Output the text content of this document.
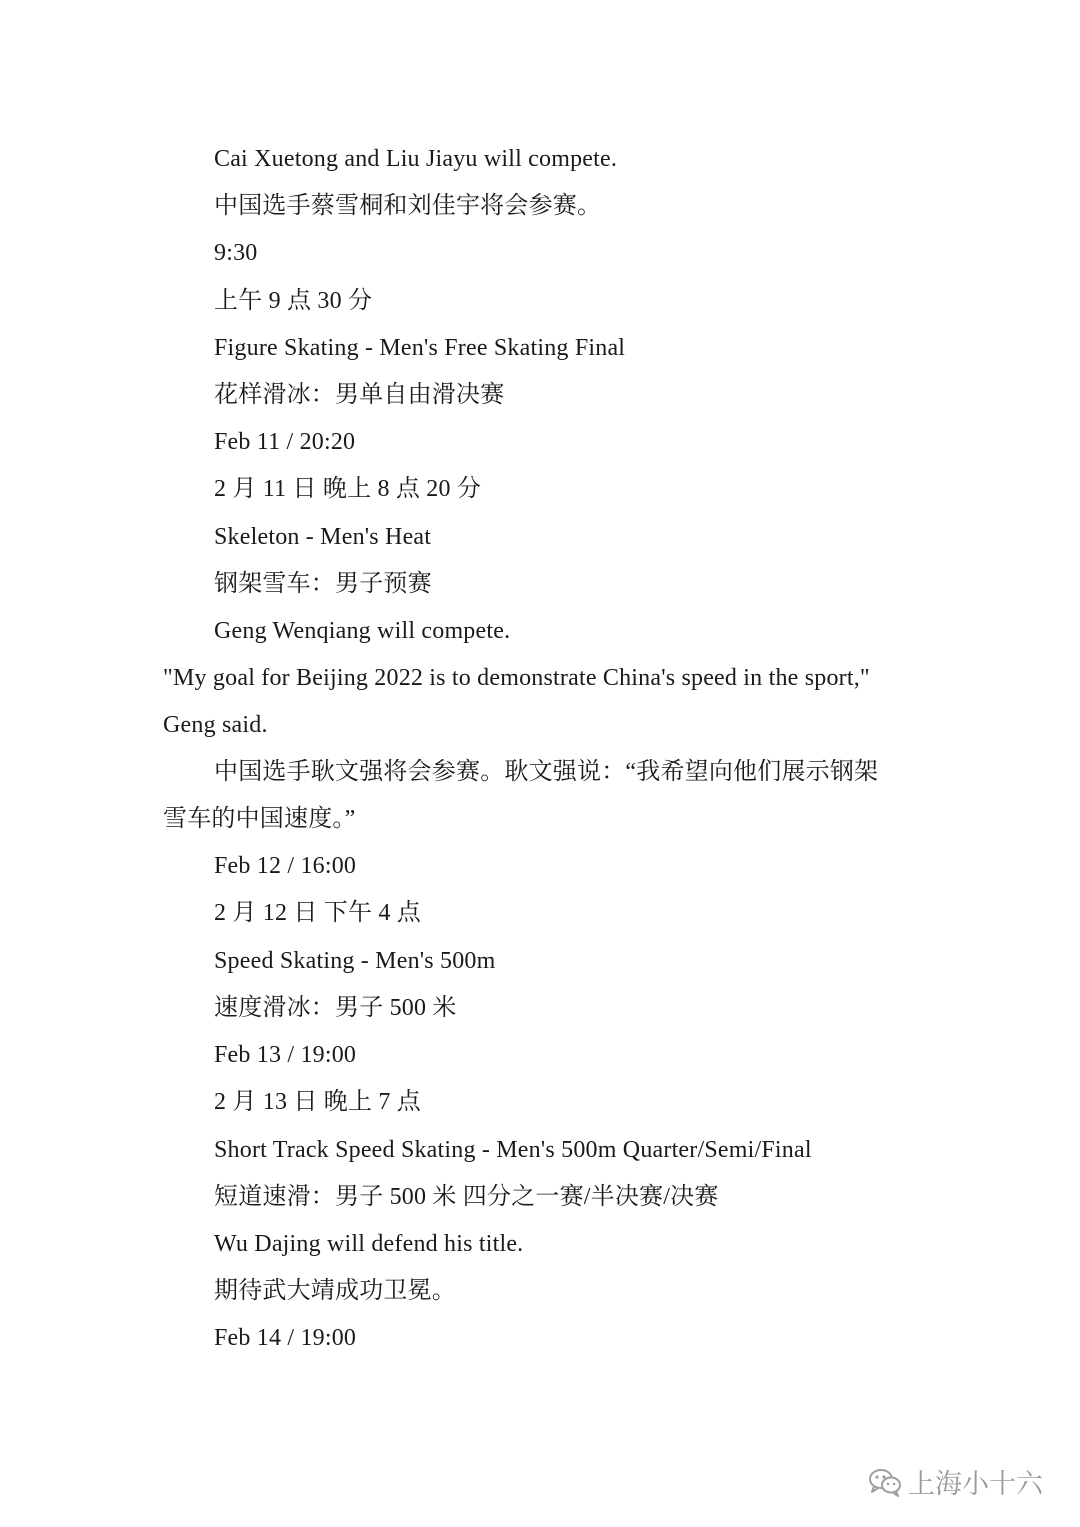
Cai Xuetong and Liu Jiayu will compete.
中国选手蔡雪桐和刘佳宇将会参赛。
9:30
上午 9 点 30 分
Figure Skating - Men's Free Skating Final
花样滑冰：男单自由滑决赛
Feb 11 / 20:20
2 月 11 日 晚上 8 点 20 分
Skeleton - Men's Heat
钢架雪车：男子预赛
Geng Wenqiang will compete.
"My goal for Beijing 2022 is to demonstrate China's speed in the sport,"
Geng said.
中国选手耿文强将会参赛。耿文强说：“我希望向他们展示钢架
雪车的中国速度。”
Feb 12 / 16:00
2 月 12 日 下午 4 点
Speed Skating - Men's 500m
速度滑冰：男子 500 米
Feb 13 / 19:00
2 月 13 日 晚上 7 点
Short Track Speed Skating - Men's 500m Quarter/Semi/Final
短道速滑：男子 500 米 四分之一赛/半决赛/决赛
Wu Dajing will defend his title.
期待武大靖成功卫冕。
Feb 14 / 19:00
上海小十六
